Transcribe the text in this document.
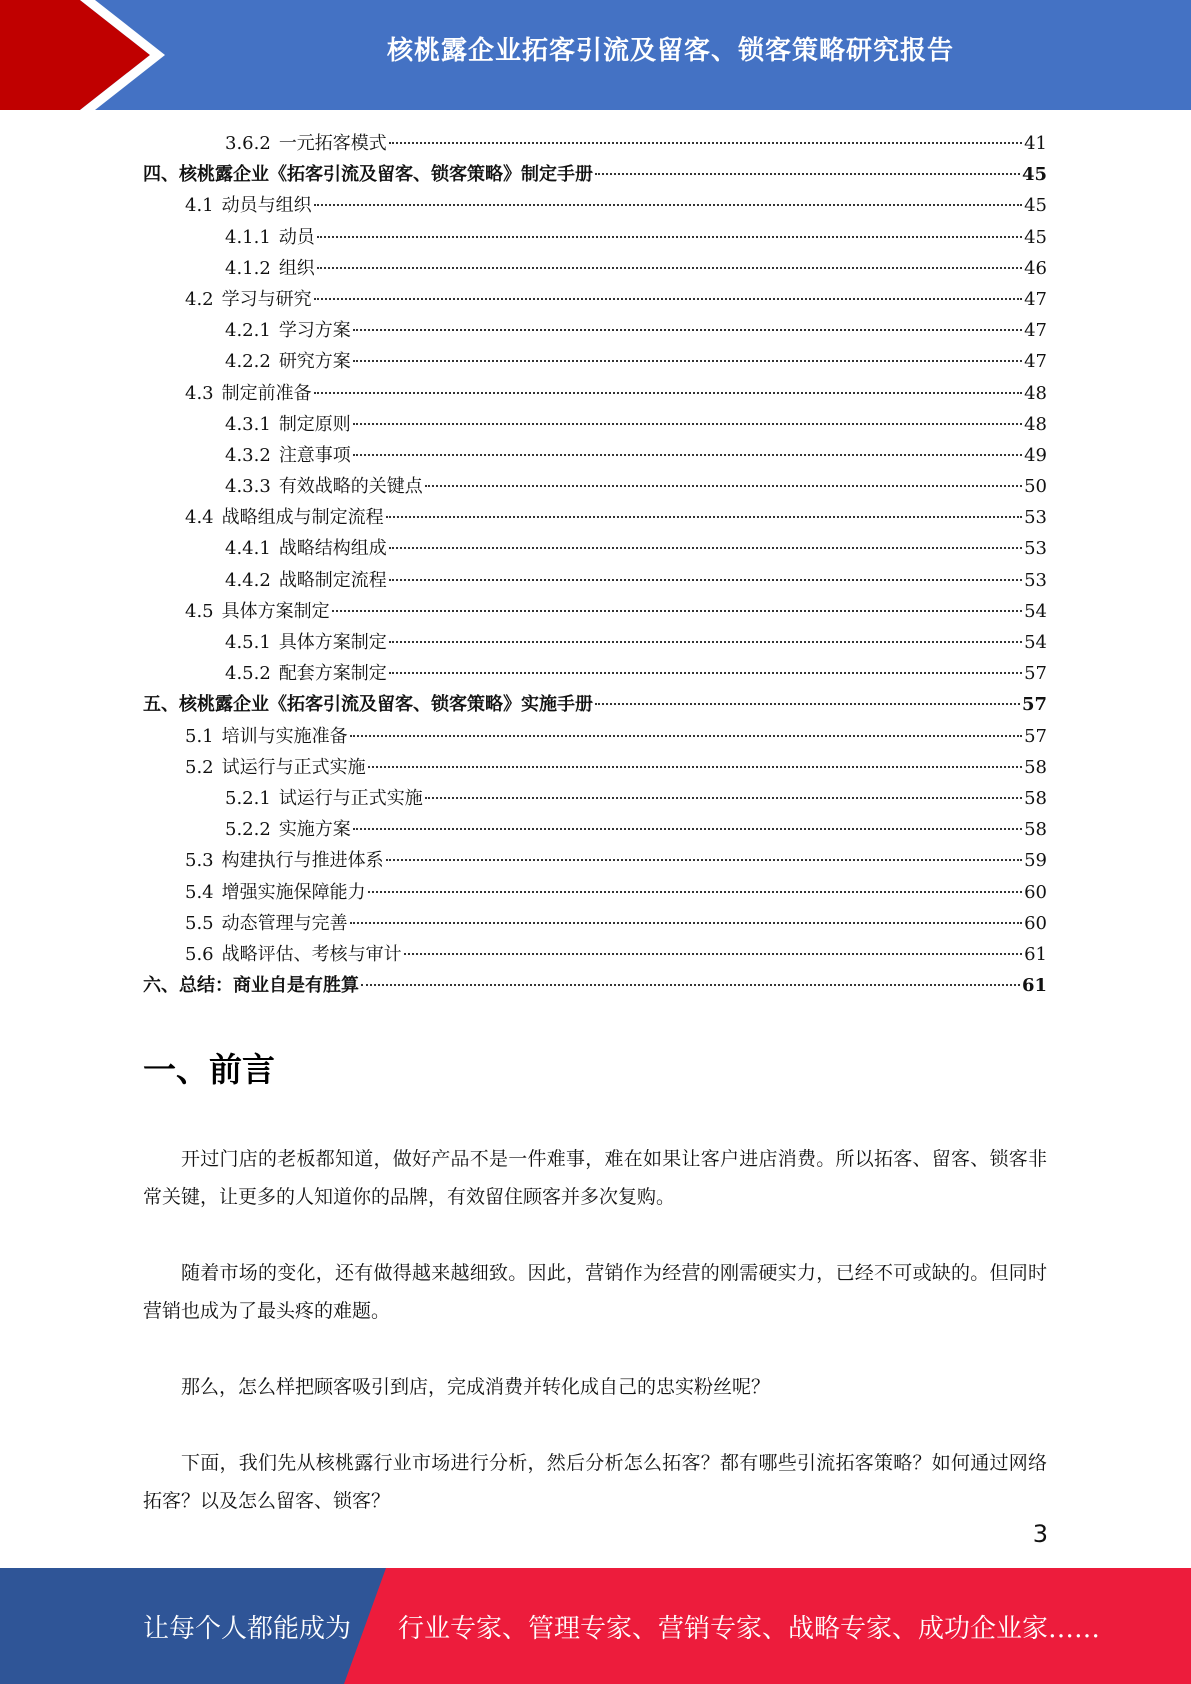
核桃露企业拓客引流及留客、锁客策略研究报告
3.6.2 一元拓客模式	41
四、核桃露企业《拓客引流及留客、锁客策略》制定手册	45
4.1 动员与组织	45
4.1.1 动员	45
4.1.2 组织	46
4.2 学习与研究	47
4.2.1 学习方案	47
4.2.2 研究方案	47
4.3 制定前准备	48
4.3.1 制定原则	48
4.3.2 注意事项	49
4.3.3 有效战略的关键点	50
4.4 战略组成与制定流程	53
4.4.1 战略结构组成	53
4.4.2 战略制定流程	53
4.5 具体方案制定	54
4.5.1 具体方案制定	54
4.5.2 配套方案制定	57
五、核桃露企业《拓客引流及留客、锁客策略》实施手册	57
5.1 培训与实施准备	57
5.2 试运行与正式实施	58
5.2.1 试运行与正式实施	58
5.2.2 实施方案	58
5.3 构建执行与推进体系	59
5.4 增强实施保障能力	60
5.5 动态管理与完善	60
5.6 战略评估、考核与审计	61
六、总结：商业自是有胜算	61
一、前言

开过门店的老板都知道，做好产品不是一件难事，难在如果让客户进店消费。所以拓客、留客、锁客非常关键，让更多的人知道你的品牌，有效留住顾客并多次复购。

随着市场的变化，还有做得越来越细致。因此，营销作为经营的刚需硬实力，已经不可或缺的。但同时营销也成为了最头疼的难题。

那么，怎么样把顾客吸引到店，完成消费并转化成自己的忠实粉丝呢？

下面，我们先从核桃露行业市场进行分析，然后分析怎么拓客？都有哪些引流拓客策略？如何通过网络拓客？以及怎么留客、锁客？

3
让每个人都能成为 行业专家、管理专家、营销专家、战略专家、成功企业家……
